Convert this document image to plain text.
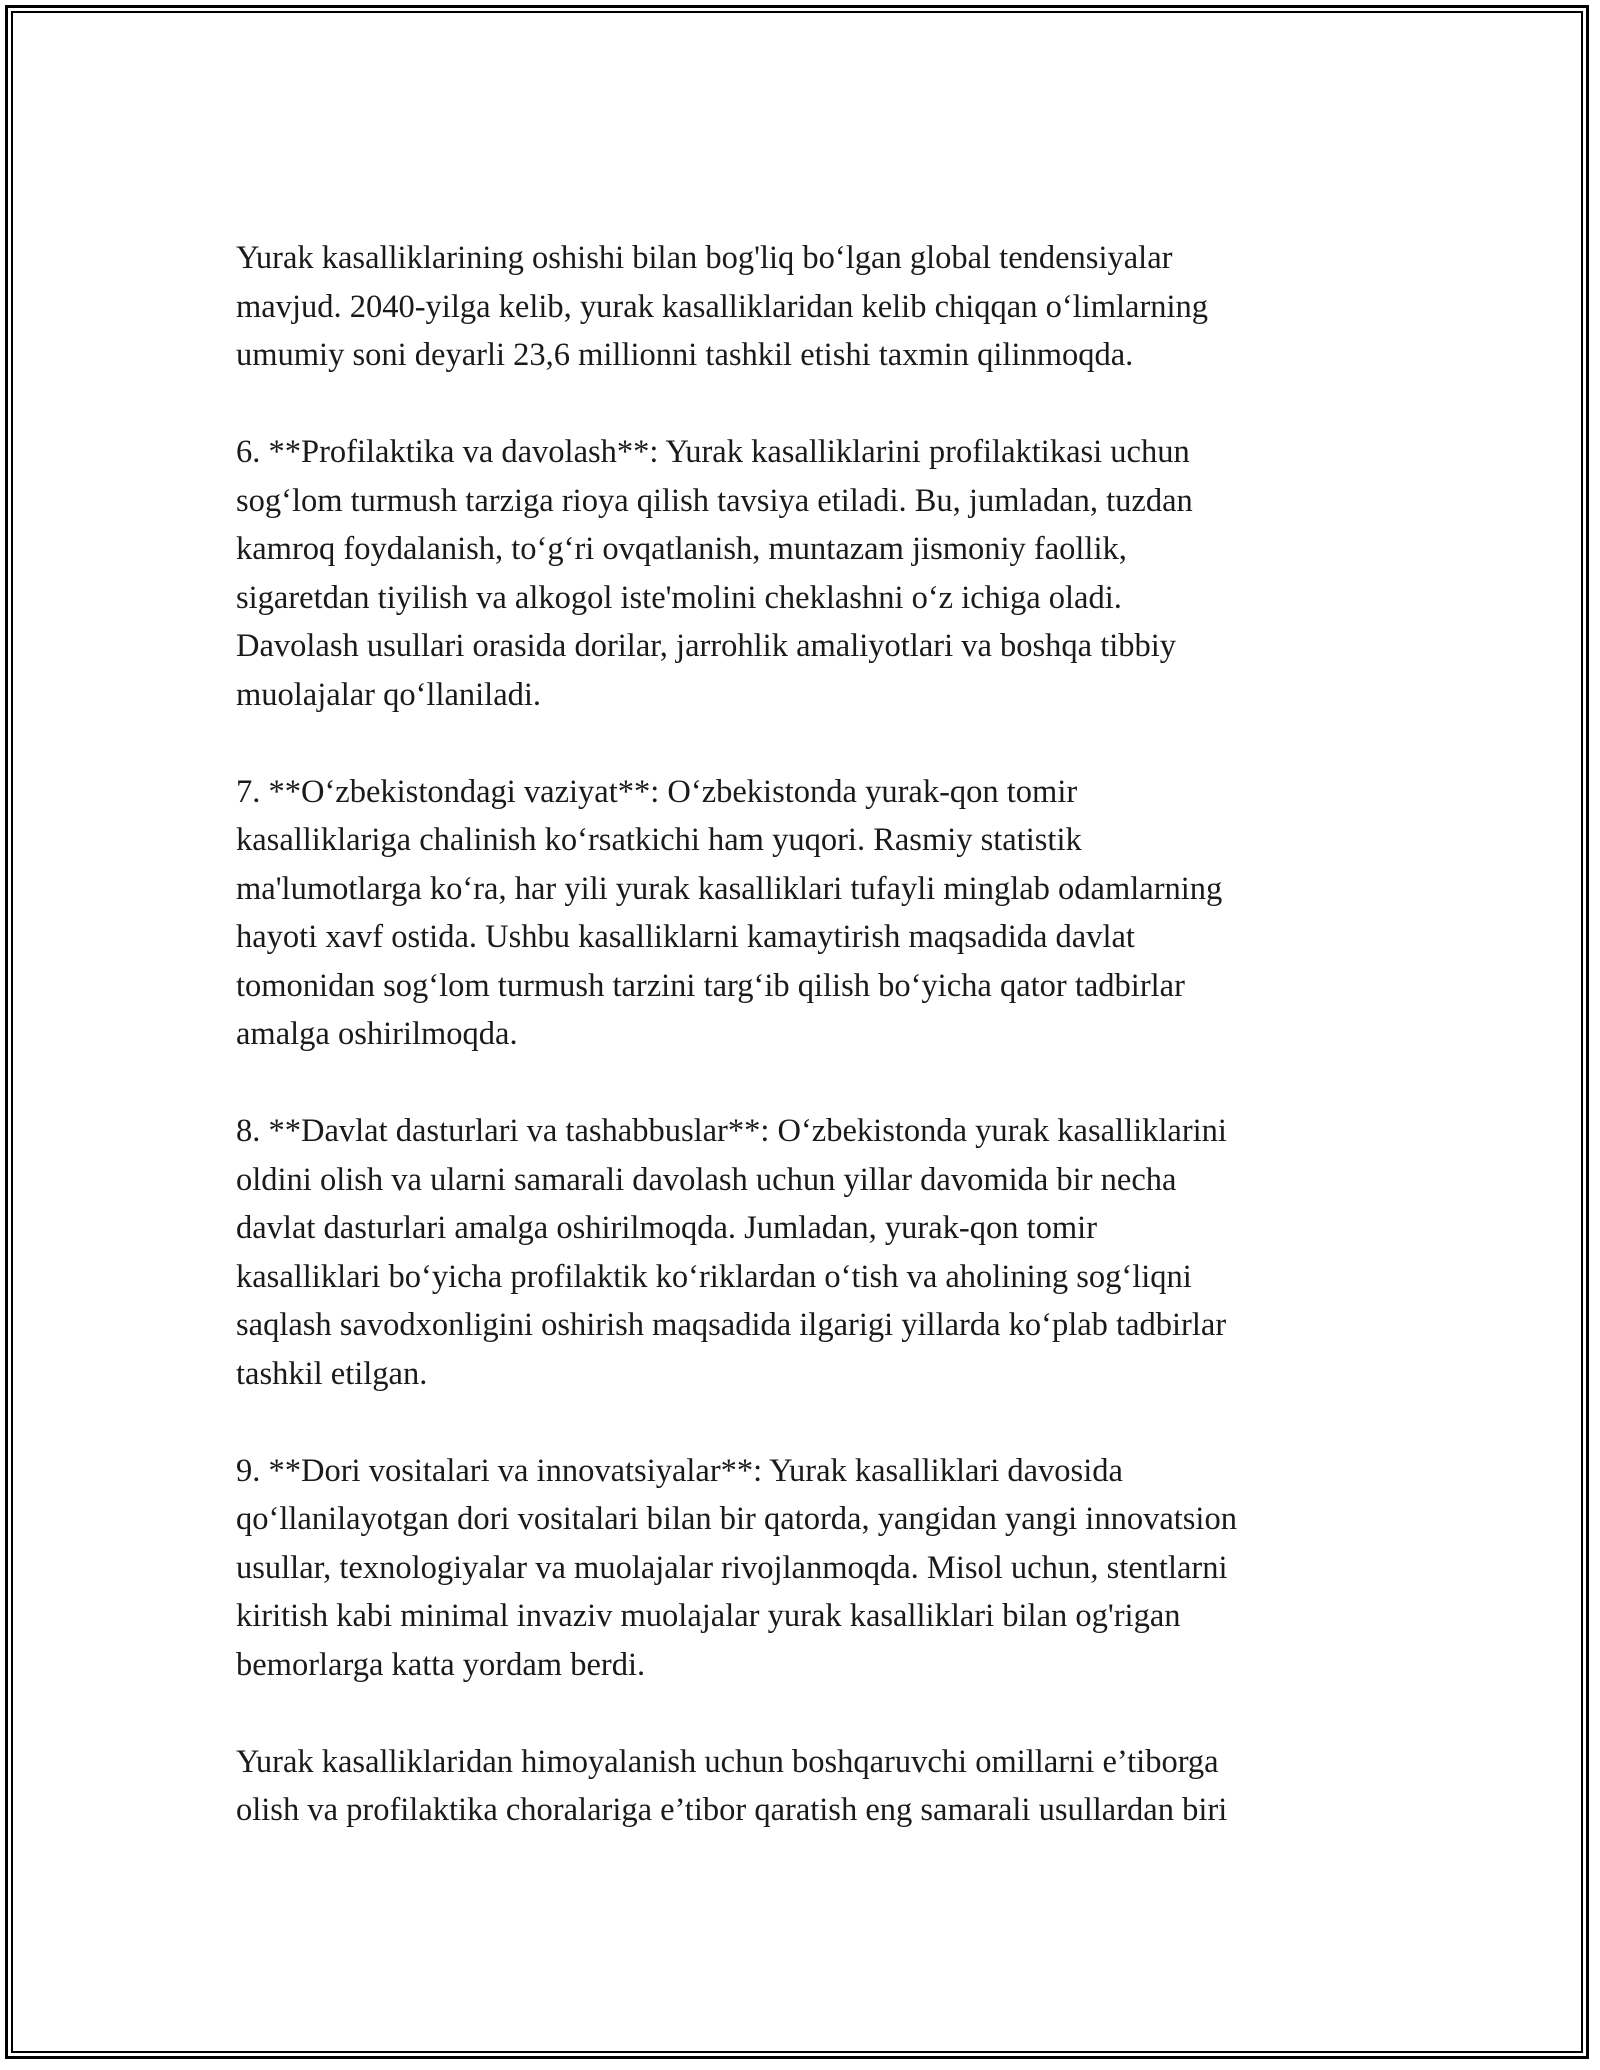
Yurak kasalliklarining oshishi bilan bog'liq bo‘lgan global tendensiyalar
mavjud. 2040-yilga kelib, yurak kasalliklaridan kelib chiqqan o‘limlarning
umumiy soni deyarli 23,6 millionni tashkil etishi taxmin qilinmoqda.

6. **Profilaktika va davolash**: Yurak kasalliklarini profilaktikasi uchun
sog‘lom turmush tarziga rioya qilish tavsiya etiladi. Bu, jumladan, tuzdan
kamroq foydalanish, to‘g‘ri ovqatlanish, muntazam jismoniy faollik,
sigaretdan tiyilish va alkogol iste'molini cheklashni o‘z ichiga oladi.
Davolash usullari orasida dorilar, jarrohlik amaliyotlari va boshqa tibbiy
muolajalar qo‘llaniladi.

7. **O‘zbekistondagi vaziyat**: O‘zbekistonda yurak-qon tomir
kasalliklariga chalinish ko‘rsatkichi ham yuqori. Rasmiy statistik
ma'lumotlarga ko‘ra, har yili yurak kasalliklari tufayli minglab odamlarning
hayoti xavf ostida. Ushbu kasalliklarni kamaytirish maqsadida davlat
tomonidan sog‘lom turmush tarzini targ‘ib qilish bo‘yicha qator tadbirlar
amalga oshirilmoqda.

8. **Davlat dasturlari va tashabbuslar**: O‘zbekistonda yurak kasalliklarini
oldini olish va ularni samarali davolash uchun yillar davomida bir necha
davlat dasturlari amalga oshirilmoqda. Jumladan, yurak-qon tomir
kasalliklari bo‘yicha profilaktik ko‘riklardan o‘tish va aholining sog‘liqni
saqlash savodxonligini oshirish maqsadida ilgarigi yillarda ko‘plab tadbirlar
tashkil etilgan.

9. **Dori vositalari va innovatsiyalar**: Yurak kasalliklari davosida
qo‘llanilayotgan dori vositalari bilan bir qatorda, yangidan yangi innovatsion
usullar, texnologiyalar va muolajalar rivojlanmoqda. Misol uchun, stentlarni
kiritish kabi minimal invaziv muolajalar yurak kasalliklari bilan og'rigan
bemorlarga katta yordam berdi.

Yurak kasalliklaridan himoyalanish uchun boshqaruvchi omillarni e’tiborga
olish va profilaktika choralariga e’tibor qaratish eng samarali usullardan biri
